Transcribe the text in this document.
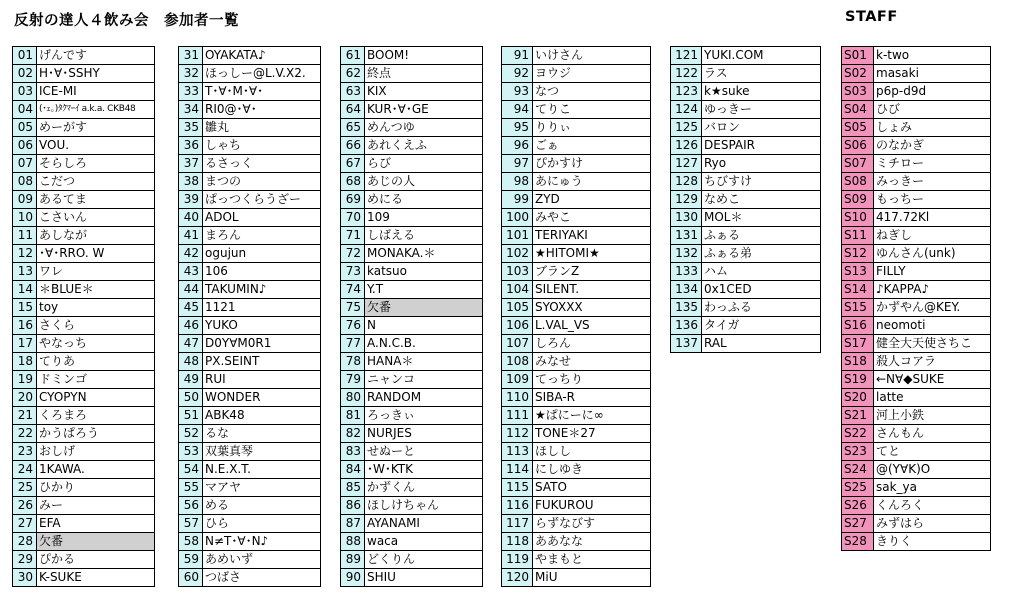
反射の達人４飲み会　参加者一覧	STAFF
01	げんです
02	H･∀･SSHY
03	ICE-MI
04	(･ｪ｡)ﾀｸﾏｰｲ a.k.a. CKB48
05	めーがす
06	VOU.
07	そらしろ
08	こだつ
09	あるてま
10	こさいん
11	あしなが
12	･∀･RRO. W
13	ワレ
14	＊BLUE＊
15	toy
16	さくら
17	やなっち
18	てりあ
19	ドミンゴ
20	CYOPYN
21	くろまろ
22	かうぱろう
23	おしげ
24	1KAWA.
25	ひかり
26	みー
27	EFA
28	欠番
29	ぴかる
30	K-SUKE
31	OYAKATA♪
32	ほっしー@L.V.X2.
33	T･∀･M･∀･
34	RI0@･∀･
35	雛丸
36	しゃち
37	るさっく
38	まつの
39	ぱっつくらうざー
40	ADOL
41	まろん
42	ogujun
43	106
44	TAKUMIN♪
45	1121
46	YUKO
47	D0Y∀M0R1
48	PX.SEINT
49	RUI
50	WONDER
51	ABK48
52	るな
53	双葉真琴
54	N.E.X.T.
55	マアヤ
56	める
57	ひら
58	N≠T･∀･N♪
59	あめいず
60	つばさ
61	BOOM!
62	終点
63	KIX
64	KUR･∀･GE
65	めんつゆ
66	あれくえふ
67	らび
68	あじの人
69	めにる
70	109
71	しばえる
72	MONAKA.＊
73	katsuo
74	Y.T
75	欠番
76	N
77	A.N.C.B.
78	HANA＊
79	ニャンコ
80	RANDOM
81	ろっきぃ
82	NURJES
83	せぬーと
84	･W･KTK
85	かずくん
86	ほしけちゃん
87	AYANAMI
88	waca
89	どくりん
90	SHIU
91	いけさん
92	ヨウジ
93	なつ
94	てりこ
95	りりぃ
96	ごぁ
97	ぴかすけ
98	あにゅう
99	ZYD
100	みやこ
101	TERIYAKI
102	★HITOMI★
103	ブランZ
104	SILENT.
105	SYOXXX
106	L.VAL_VS
107	しろん
108	みなせ
109	てっちり
110	SIBA-R
111	★ぱにーに∞
112	TONE＊27
113	ほしし
114	にしゆき
115	SATO
116	FUKUROU
117	らずなびす
118	ああなな
119	やまもと
120	MiU
121	YUKI.COM
122	ラス
123	k★suke
124	ゆっきー
125	バロン
126	DESPAIR
127	Ryo
128	ちびすけ
129	なめこ
130	MOL＊
131	ふぁる
132	ふぁる弟
133	ハム
134	0x1CED
135	わっふる
136	タイガ
137	RAL
S01	k-two
S02	masaki
S03	p6p-d9d
S04	ひび
S05	しょみ
S06	のなかぎ
S07	ミチロー
S08	みっきー
S09	もっちー
S10	417.72Kl
S11	ねぎし
S12	ゆんさん(unk)
S13	FILLY
S14	♪KAPPA♪
S15	かずやん@KEY.
S16	neomoti
S17	健全大天使さちこ
S18	殺人コアラ
S19	←N∀◆SUKE
S20	latte
S21	河上小鉄
S22	さんもん
S23	てと
S24	@(Y∀K)O
S25	sak_ya
S26	くんろく
S27	みずはら
S28	きりく
